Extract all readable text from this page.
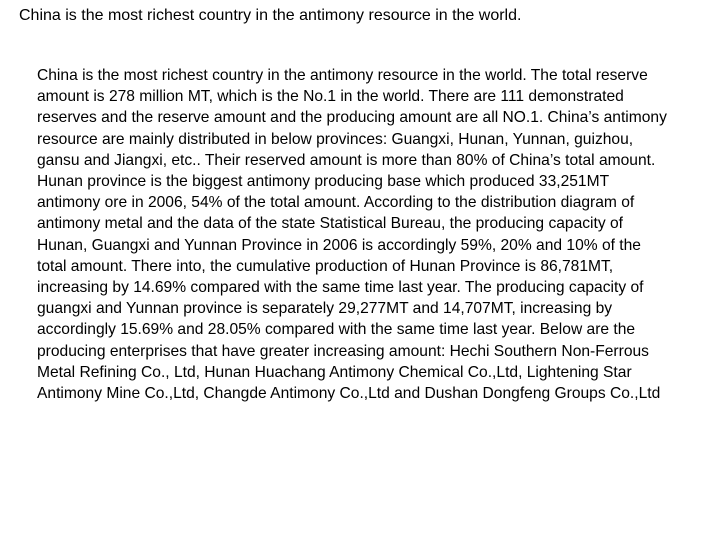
China is the most richest country in the antimony resource in the world.

China is the most richest country in the antimony resource in the world. The total reserve amount is 278 million MT, which is the No.1 in the world. There are 111 demonstrated reserves and the reserve amount and the producing amount are all NO.1. China’s antimony resource are mainly distributed in below provinces: Guangxi, Hunan, Yunnan, guizhou, gansu and Jiangxi, etc.. Their reserved amount is more than 80% of China’s total amount. Hunan province is the biggest antimony producing base which produced 33,251MT antimony ore in 2006, 54% of the total amount. According to the distribution diagram of antimony metal and the data of the state Statistical Bureau, the producing capacity of Hunan, Guangxi and Yunnan Province in 2006 is accordingly 59%, 20% and 10% of the total amount. There into, the cumulative production of Hunan Province is 86,781MT, increasing by 14.69% compared with the same time last year. The producing capacity of guangxi and Yunnan province is separately 29,277MT and 14,707MT, increasing by accordingly 15.69% and 28.05% compared with the same time last year. Below are the producing enterprises that have greater increasing amount: Hechi Southern Non-Ferrous Metal Refining Co., Ltd, Hunan Huachang Antimony Chemical Co.,Ltd, Lightening Star Antimony Mine Co.,Ltd, Changde Antimony Co.,Ltd and Dushan Dongfeng Groups Co.,Ltd
